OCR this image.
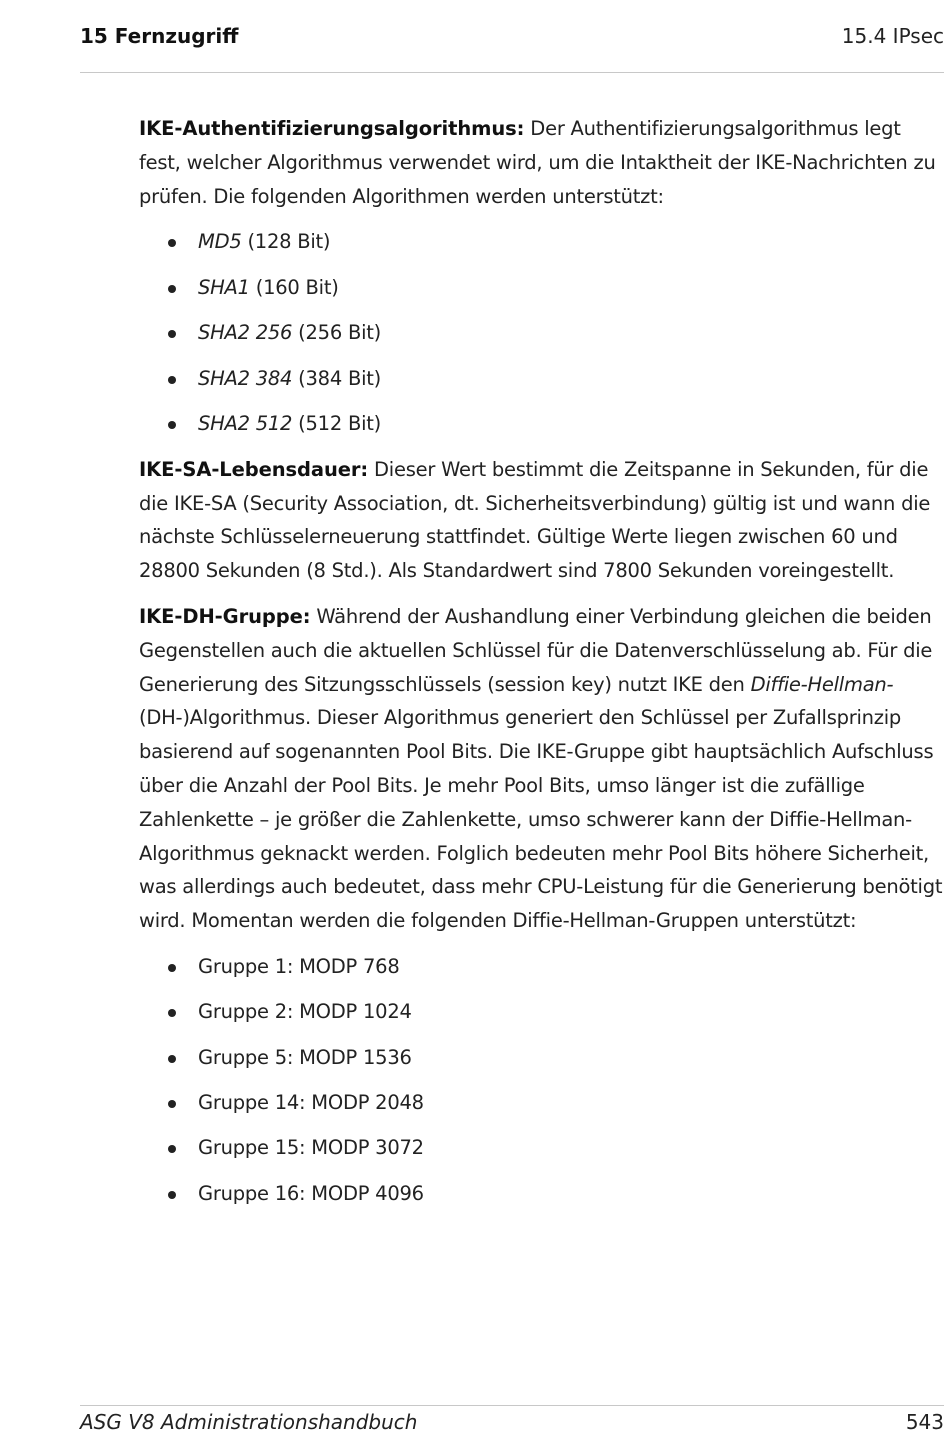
15 Fernzugriff	15.4 IPsec

IKE-Authentifizierungsalgorithmus: Der Authentifizierungsalgorithmus legt fest, welcher Algorithmus verwendet wird, um die Intaktheit der IKE-Nachrichten zu prüfen. Die folgenden Algorithmen werden unterstützt:

MD5 (128 Bit)
SHA1 (160 Bit)
SHA2 256 (256 Bit)
SHA2 384 (384 Bit)
SHA2 512 (512 Bit)

IKE-SA-Lebensdauer: Dieser Wert bestimmt die Zeitspanne in Sekunden, für die die IKE-SA (Security Association, dt. Sicherheitsverbindung) gültig ist und wann die nächste Schlüsselerneuerung stattfindet. Gültige Werte liegen zwischen 60 und 28800 Sekunden (8 Std.). Als Standardwert sind 7800 Sekunden voreingestellt.

IKE-DH-Gruppe: Während der Aushandlung einer Verbindung gleichen die beiden Gegenstellen auch die aktuellen Schlüssel für die Datenverschlüsselung ab. Für die Generierung des Sitzungsschlüssels (session key) nutzt IKE den Diffie-Hellman-(DH-)Algorithmus. Dieser Algorithmus generiert den Schlüssel per Zufallsprinzip basierend auf sogenannten Pool Bits. Die IKE-Gruppe gibt hauptsächlich Aufschluss über die Anzahl der Pool Bits. Je mehr Pool Bits, umso länger ist die zufällige Zahlenkette – je größer die Zahlenkette, umso schwerer kann der Diffie-Hellman-Algorithmus geknackt werden. Folglich bedeuten mehr Pool Bits höhere Sicherheit, was allerdings auch bedeutet, dass mehr CPU-Leistung für die Generierung benötigt wird. Momentan werden die folgenden Diffie-Hellman-Gruppen unterstützt:

Gruppe 1: MODP 768
Gruppe 2: MODP 1024
Gruppe 5: MODP 1536
Gruppe 14: MODP 2048
Gruppe 15: MODP 3072
Gruppe 16: MODP 4096
ASG V8 Administrationshandbuch	543
